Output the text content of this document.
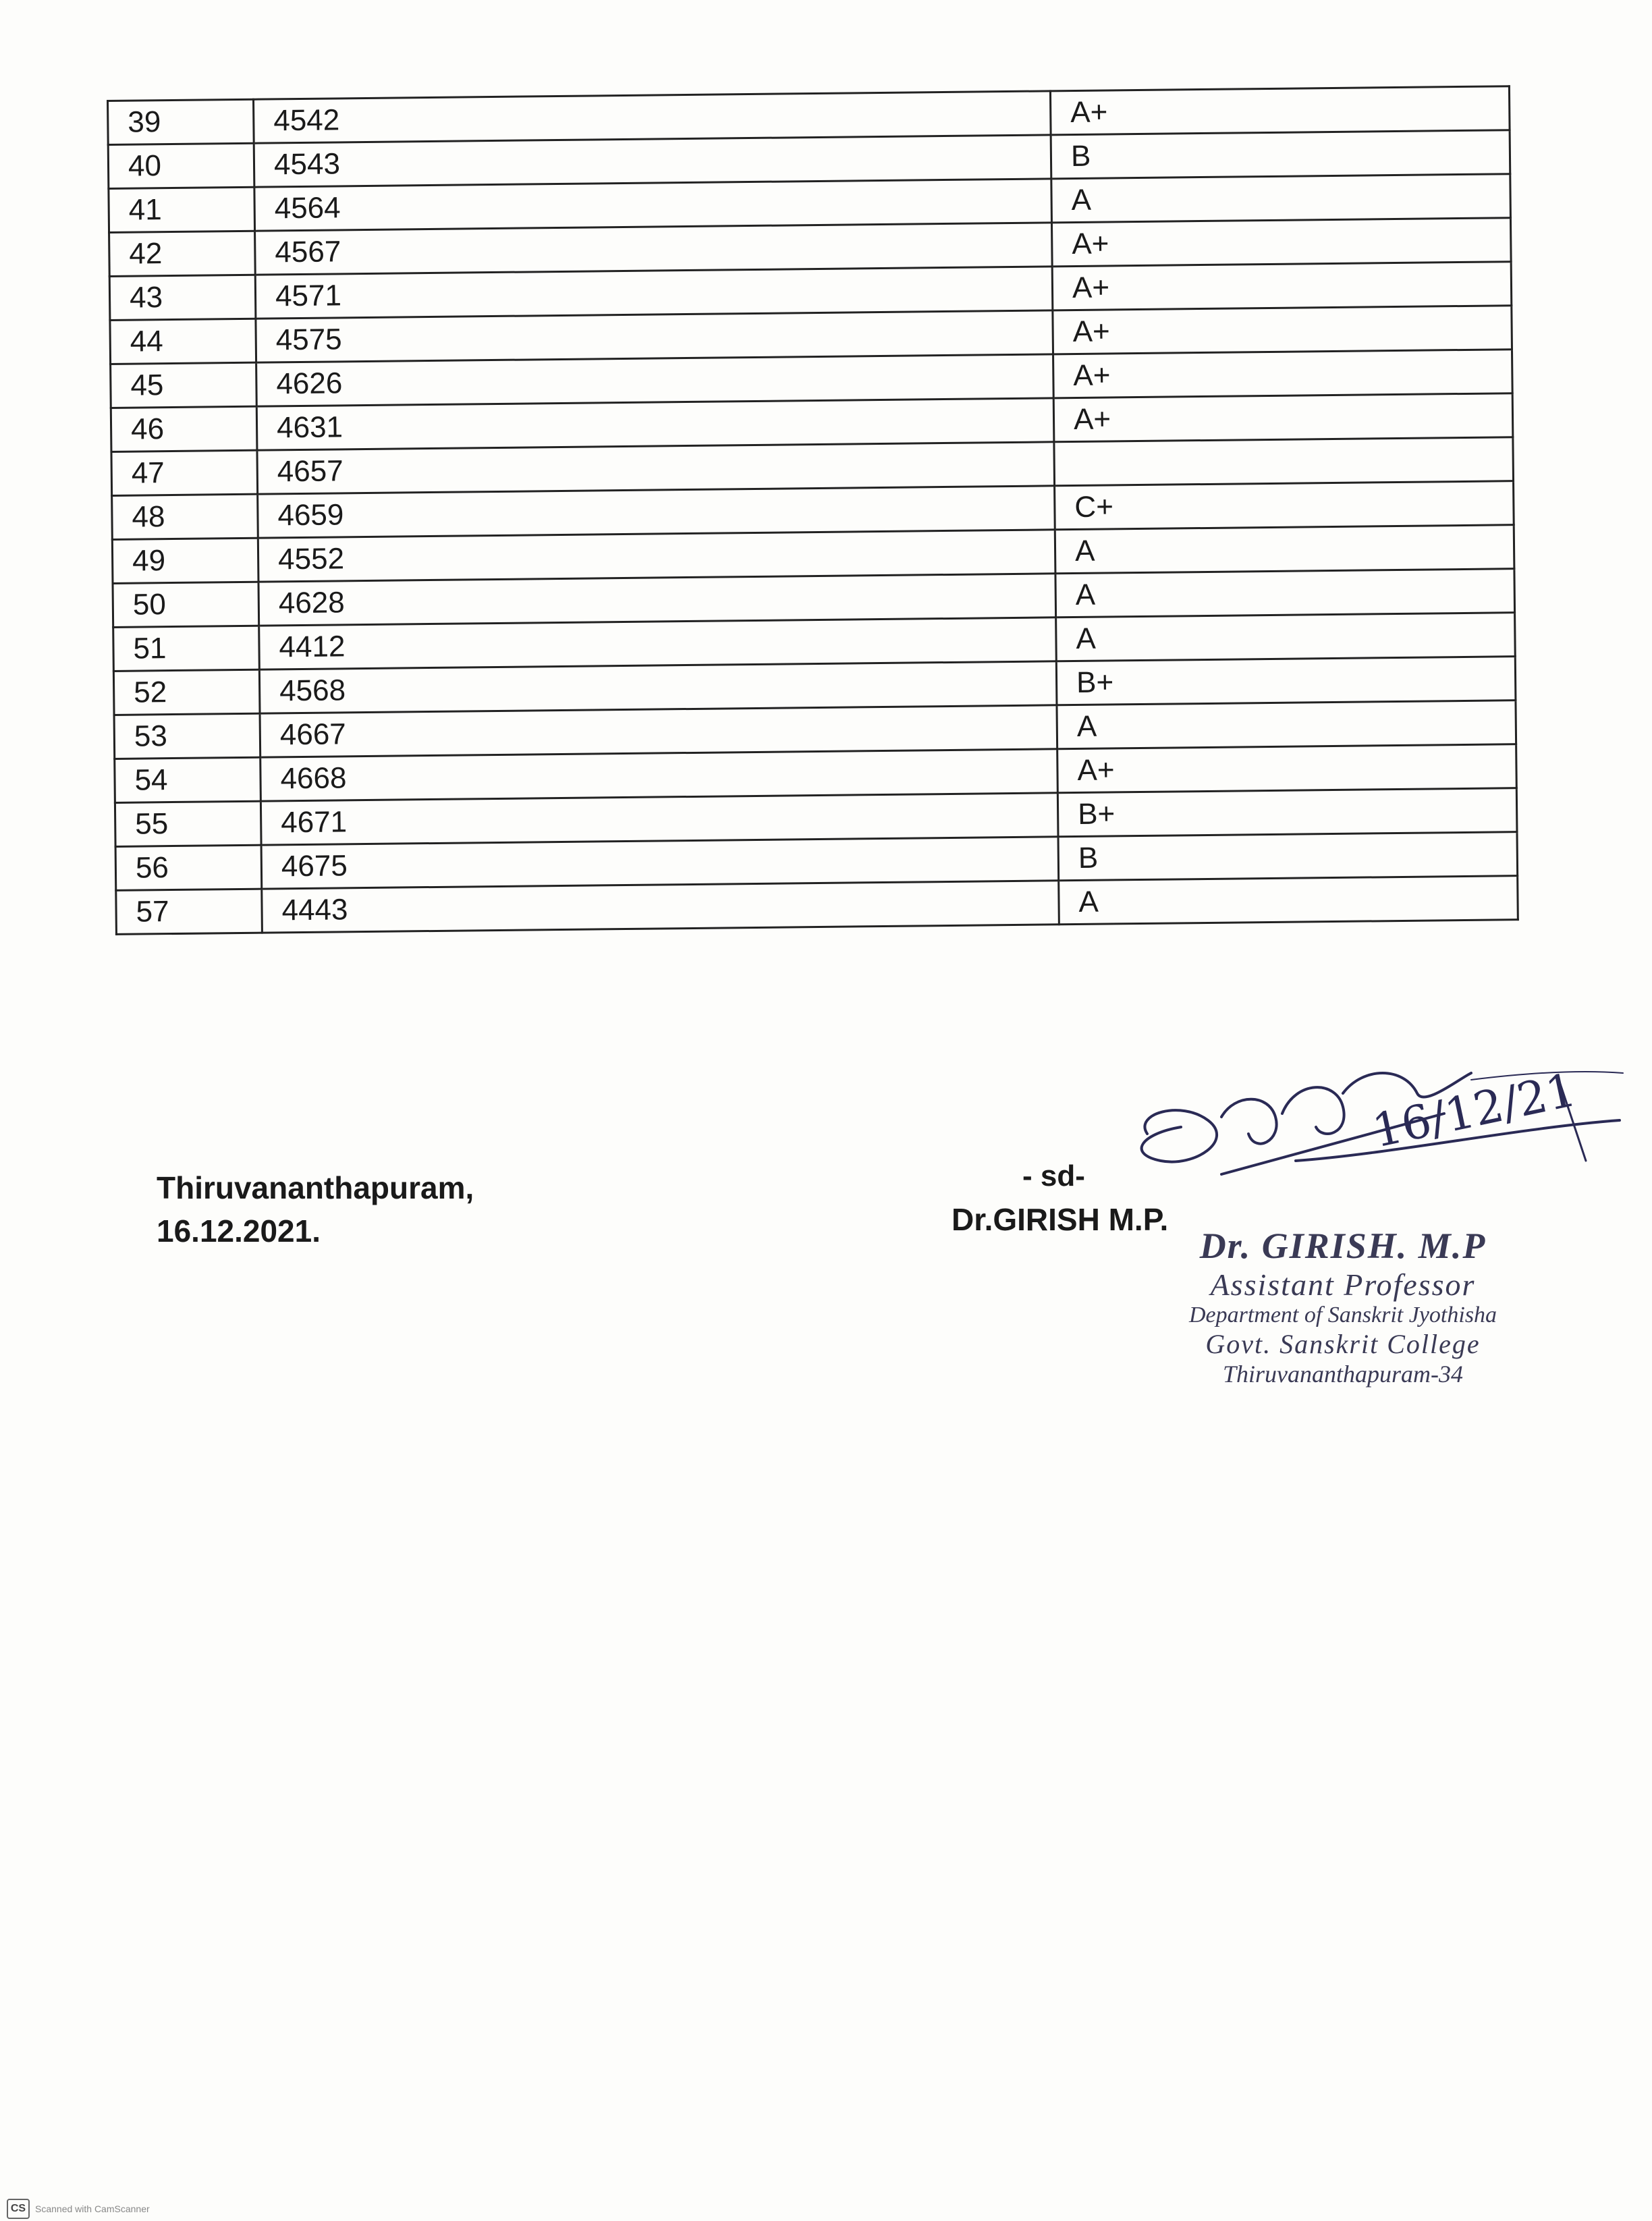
39	4542	A+
40	4543	B
41	4564	A
42	4567	A+
43	4571	A+
44	4575	A+
45	4626	A+
46	4631	A+
47	4657	
48	4659	C+
49	4552	A
50	4628	A
51	4412	A
52	4568	B+
53	4667	A
54	4668	A+
55	4671	B+
56	4675	B
57	4443	A
Thiruvananthapuram,
16.12.2021.
- sd-
Dr.GIRISH M.P.
16/12/21
Dr. GIRISH. M.P
Assistant Professor
Department of Sanskrit Jyothisha
Govt. Sanskrit College
Thiruvananthapuram-34
CS Scanned with CamScanner
